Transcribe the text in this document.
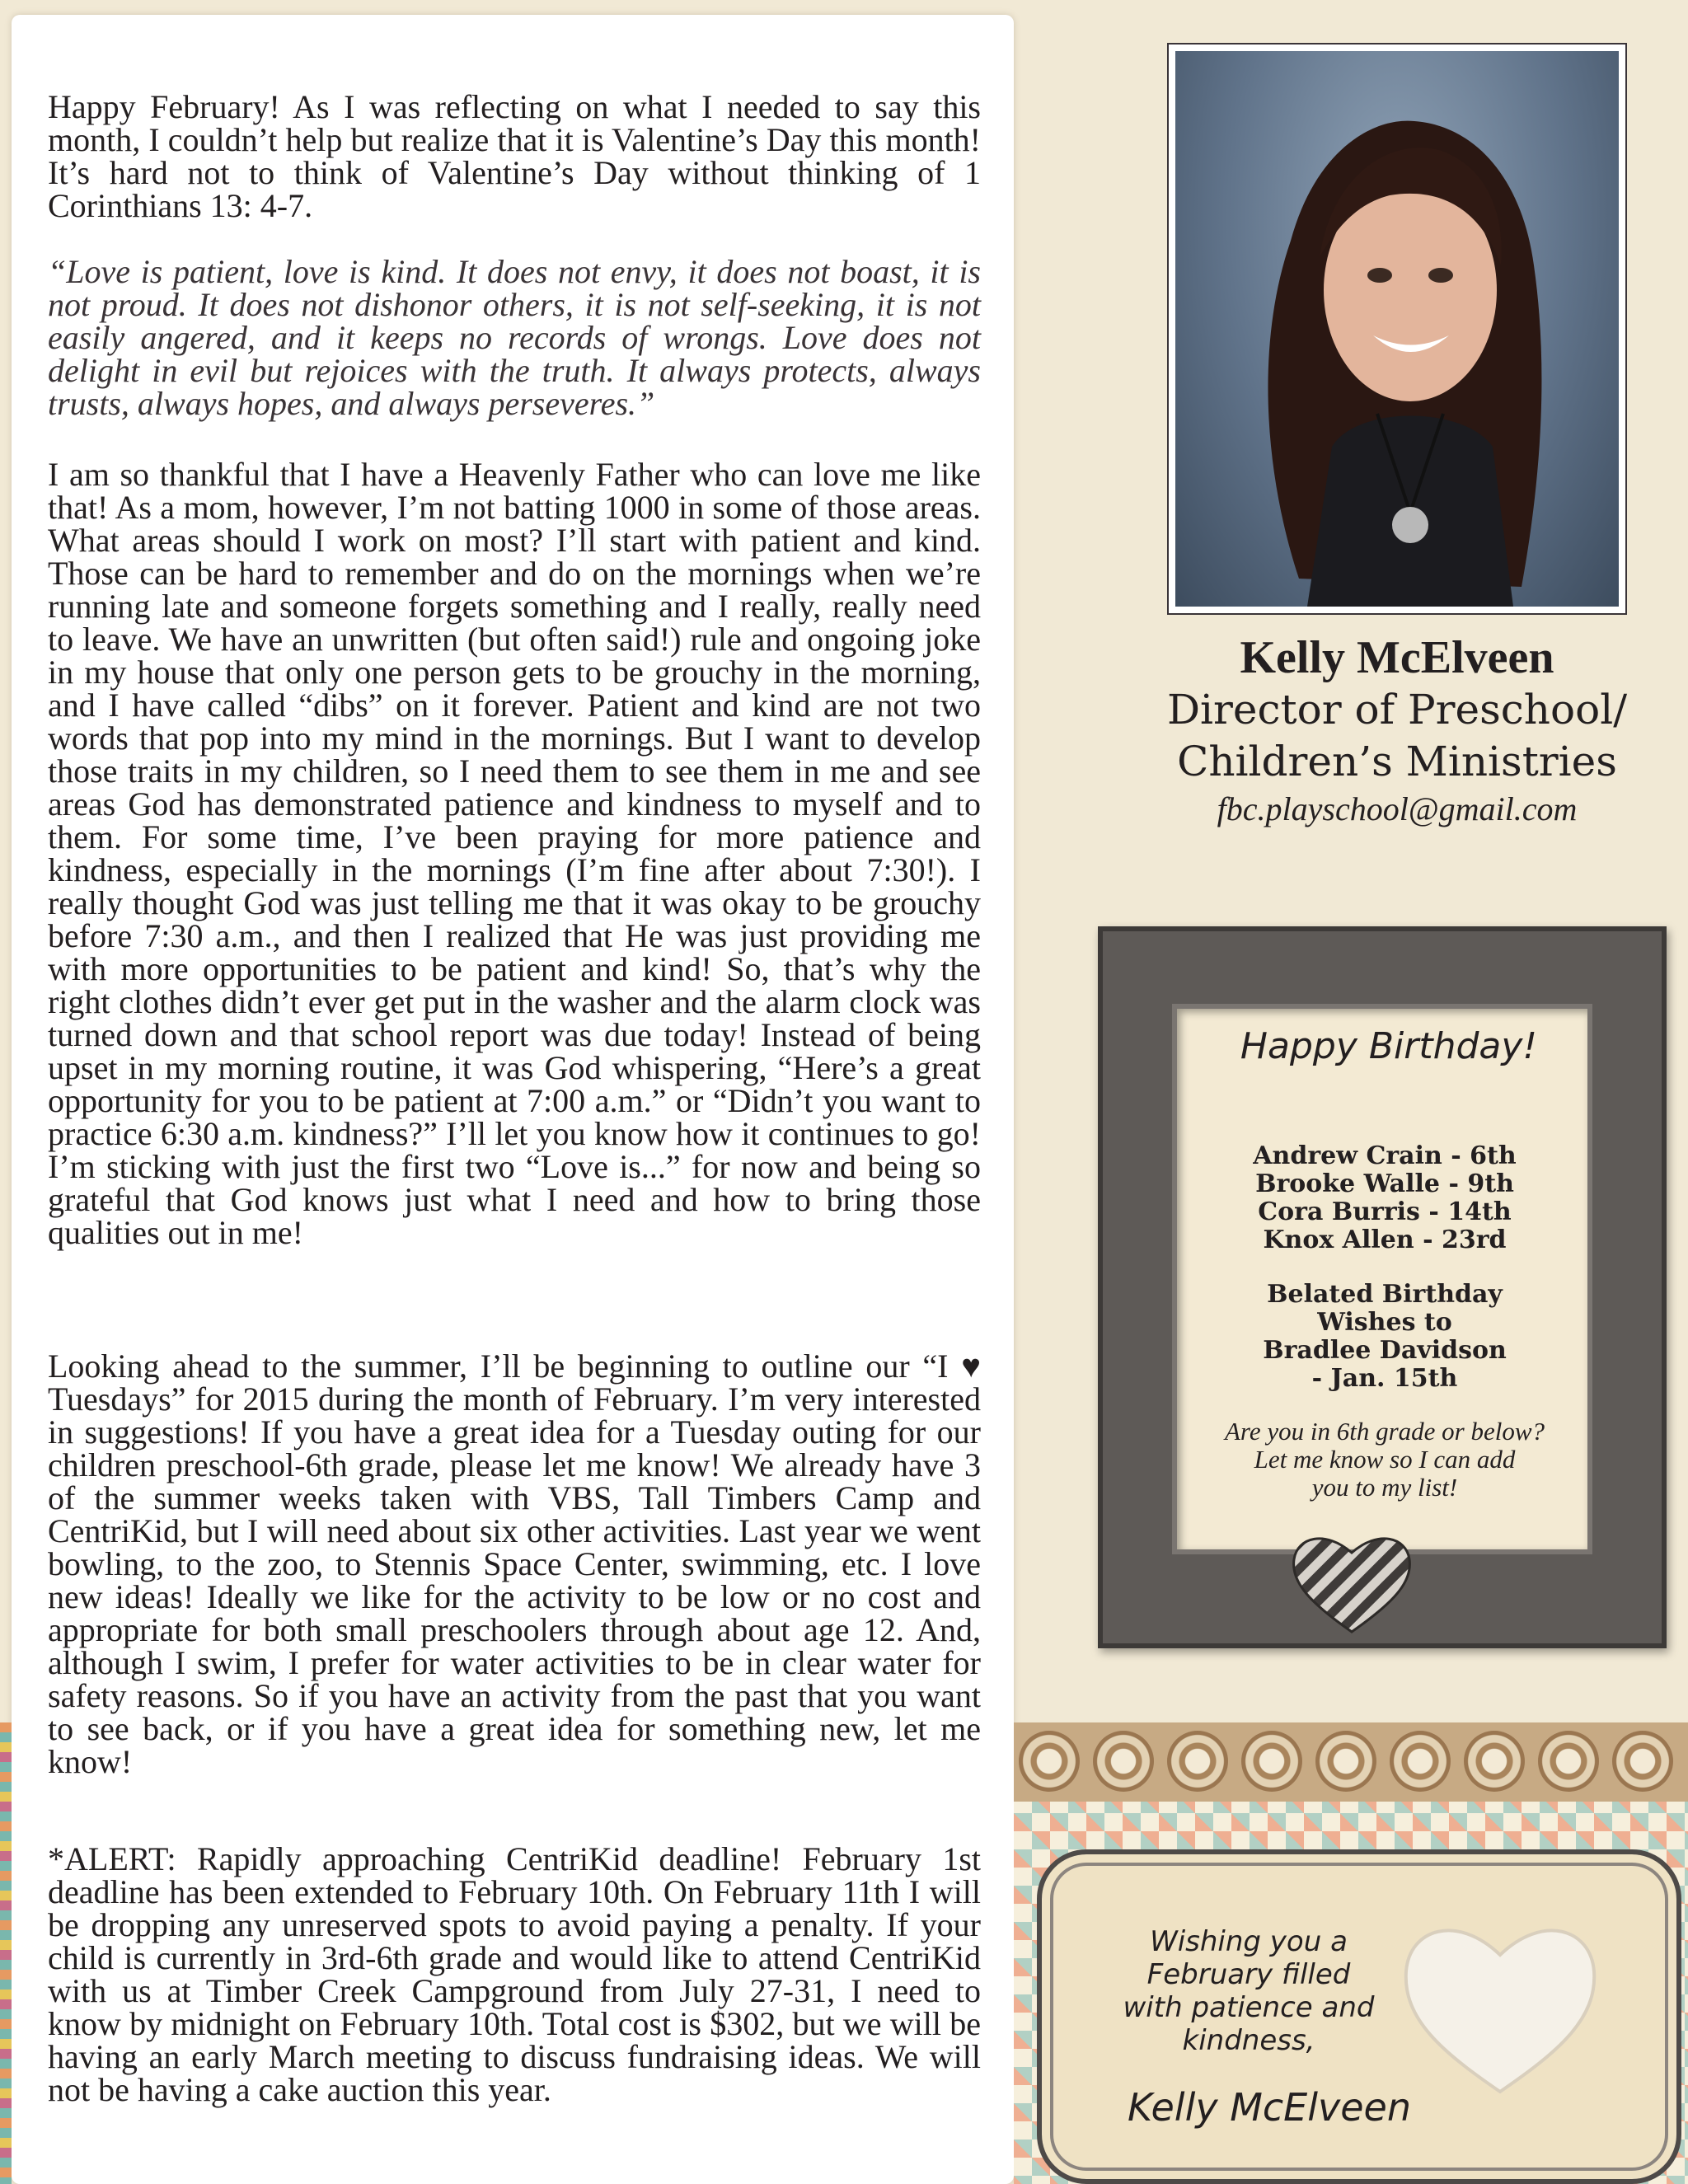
Happy February! As I was reflecting on what I needed to say this month, I couldn’t help but realize that it is Valentine’s Day this month! It’s hard not to think of Valentine’s Day without thinking of 1 Corinthians 13: 4-7.

“Love is patient, love is kind. It does not envy, it does not boast, it is not proud. It does not dishonor others, it is not self-seeking, it is not easily angered, and it keeps no records of wrongs. Love does not delight in evil but rejoices with the truth. It always protects, always trusts, always hopes, and always perseveres.”

I am so thankful that I have a Heavenly Father who can love me like that! As a mom, however, I’m not batting 1000 in some of those areas. What areas should I work on most? I’ll start with patient and kind. Those can be hard to remember and do on the mornings when we’re running late and someone forgets something and I really, really need to leave. We have an unwritten (but often said!) rule and ongoing joke in my house that only one person gets to be grouchy in the morning, and I have called “dibs” on it forever. Patient and kind are not two words that pop into my mind in the mornings. But I want to develop those traits in my children, so I need them to see them in me and see areas God has demonstrated patience and kindness to myself and to them. For some time, I’ve been praying for more patience and kindness, especially in the mornings (I’m fine after about 7:30!). I really thought God was just telling me that it was okay to be grouchy before 7:30 a.m., and then I realized that He was just providing me with more opportunities to be patient and kind! So, that’s why the right clothes didn’t ever get put in the washer and the alarm clock was turned down and that school report was due today! Instead of being upset in my morning routine, it was God whispering, “Here’s a great opportunity for you to be patient at 7:00 a.m.” or “Didn’t you want to practice 6:30 a.m. kindness?” I’ll let you know how it continues to go! I’m sticking with just the first two “Love is...” for now and being so grateful that God knows just what I need and how to bring those qualities out in me!

Looking ahead to the summer, I’ll be beginning to outline our “I ♥ Tuesdays” for 2015 during the month of February. I’m very interested in suggestions! If you have a great idea for a Tuesday outing for our children preschool-6th grade, please let me know! We already have 3 of the summer weeks taken with VBS, Tall Timbers Camp and CentriKid, but I will need about six other activities. Last year we went bowling, to the zoo, to Stennis Space Center, swimming, etc. I love new ideas! Ideally we like for the activity to be low or no cost and appropriate for both small preschoolers through about age 12. And, although I swim, I prefer for water activities to be in clear water for safety reasons. So if you have an activity from the past that you want to see back, or if you have a great idea for something new, let me know!

*ALERT: Rapidly approaching CentriKid deadline! February 1st deadline has been extended to February 10th. On February 11th I will be dropping any unreserved spots to avoid paying a penalty. If your child is currently in 3rd-6th grade and would like to attend CentriKid with us at Timber Creek Campground from July 27-31, I need to know by midnight on February 10th. Total cost is $302, but we will be having an early March meeting to discuss fundraising ideas. We will not be having a cake auction this year.

Kelly McElveen
Director of Preschool/
Children’s Ministries
fbc.playschool@gmail.com
Happy Birthday!
Andrew Crain - 6th
Brooke Walle - 9th
Cora Burris - 14th
Knox Allen - 23rd
Belated Birthday
Wishes to
Bradlee Davidson
- Jan. 15th
Are you in 6th grade or below?
Let me know so I can add
you to my list!
Wishing you a
February filled
with patience and
kindness,
Kelly McElveen
